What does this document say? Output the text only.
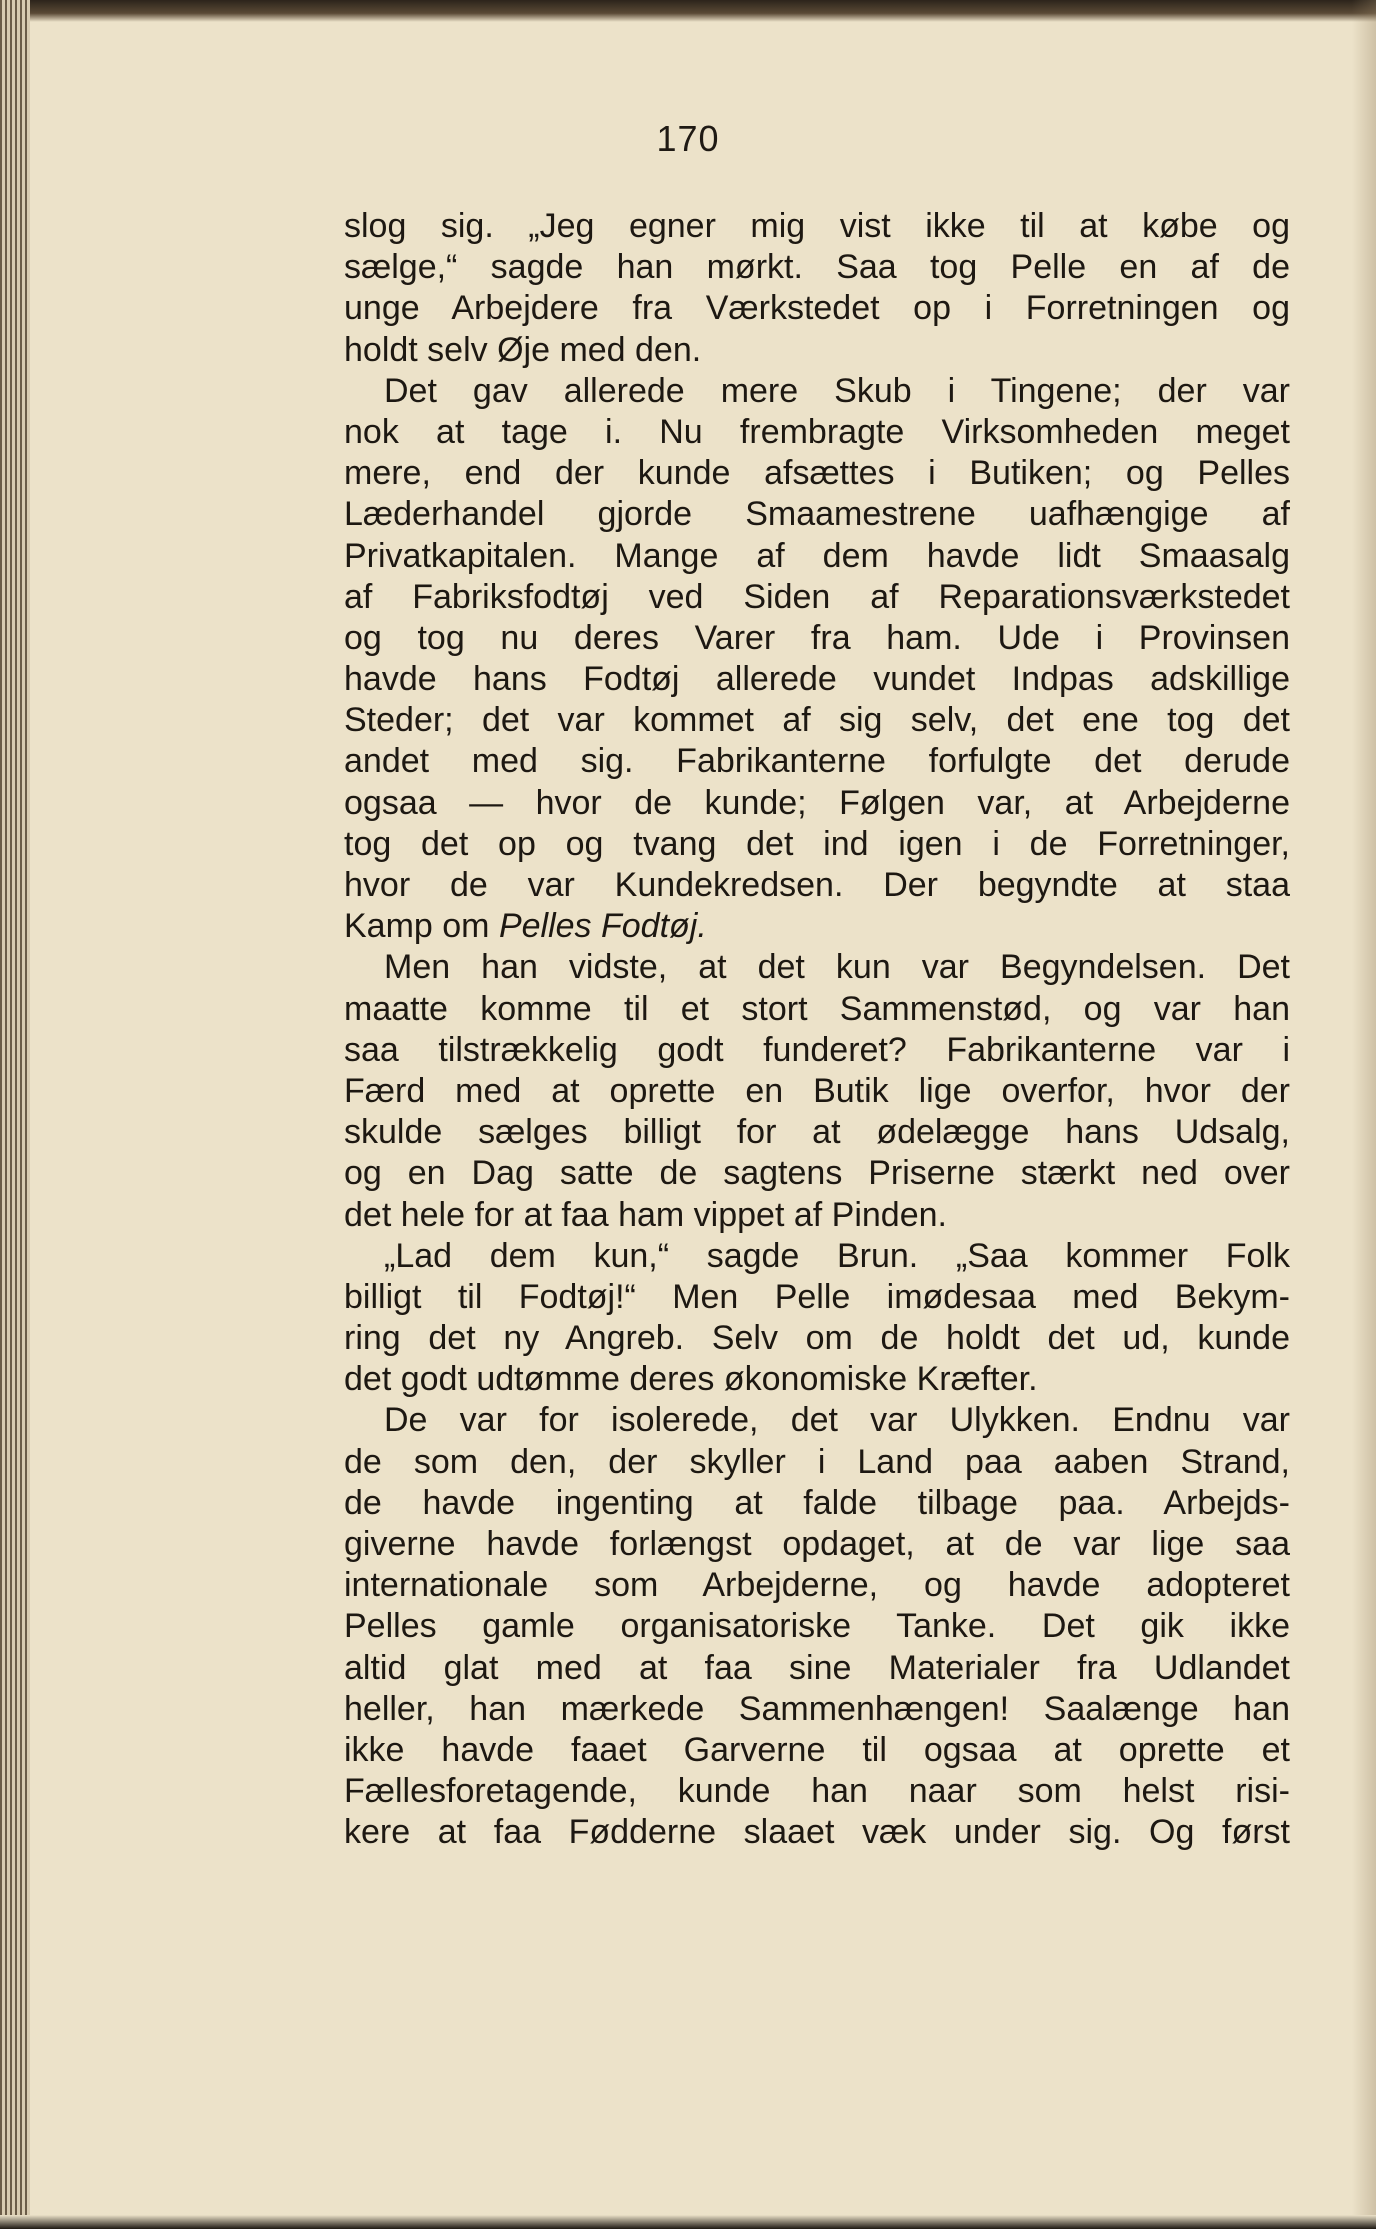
170
slog sig. „Jeg egner mig vist ikke til at købe og
sælge,“ sagde han mørkt. Saa tog Pelle en af de
unge Arbejdere fra Værkstedet op i Forretningen og
holdt selv Øje med den.
Det gav allerede mere Skub i Tingene; der var
nok at tage i. Nu frembragte Virksomheden meget
mere, end der kunde afsættes i Butiken; og Pelles
Læderhandel gjorde Smaamestrene uafhængige af
Privatkapitalen. Mange af dem havde lidt Smaasalg
af Fabriksfodtøj ved Siden af Reparationsværkstedet
og tog nu deres Varer fra ham. Ude i Provinsen
havde hans Fodtøj allerede vundet Indpas adskillige
Steder; det var kommet af sig selv, det ene tog det
andet med sig. Fabrikanterne forfulgte det derude
ogsaa — hvor de kunde; Følgen var, at Arbejderne
tog det op og tvang det ind igen i de Forretninger,
hvor de var Kundekredsen. Der begyndte at staa
Kamp om Pelles Fodtøj.
Men han vidste, at det kun var Begyndelsen. Det
maatte komme til et stort Sammenstød, og var han
saa tilstrækkelig godt funderet? Fabrikanterne var i
Færd med at oprette en Butik lige overfor, hvor der
skulde sælges billigt for at ødelægge hans Udsalg,
og en Dag satte de sagtens Priserne stærkt ned over
det hele for at faa ham vippet af Pinden.
„Lad dem kun,“ sagde Brun. „Saa kommer Folk
billigt til Fodtøj!“ Men Pelle imødesaa med Bekym-
ring det ny Angreb. Selv om de holdt det ud, kunde
det godt udtømme deres økonomiske Kræfter.
De var for isolerede, det var Ulykken. Endnu var
de som den, der skyller i Land paa aaben Strand,
de havde ingenting at falde tilbage paa. Arbejds-
giverne havde forlængst opdaget, at de var lige saa
internationale som Arbejderne, og havde adopteret
Pelles gamle organisatoriske Tanke. Det gik ikke
altid glat med at faa sine Materialer fra Udlandet
heller, han mærkede Sammenhængen! Saalænge han
ikke havde faaet Garverne til ogsaa at oprette et
Fællesforetagende, kunde han naar som helst risi-
kere at faa Fødderne slaaet væk under sig. Og først
